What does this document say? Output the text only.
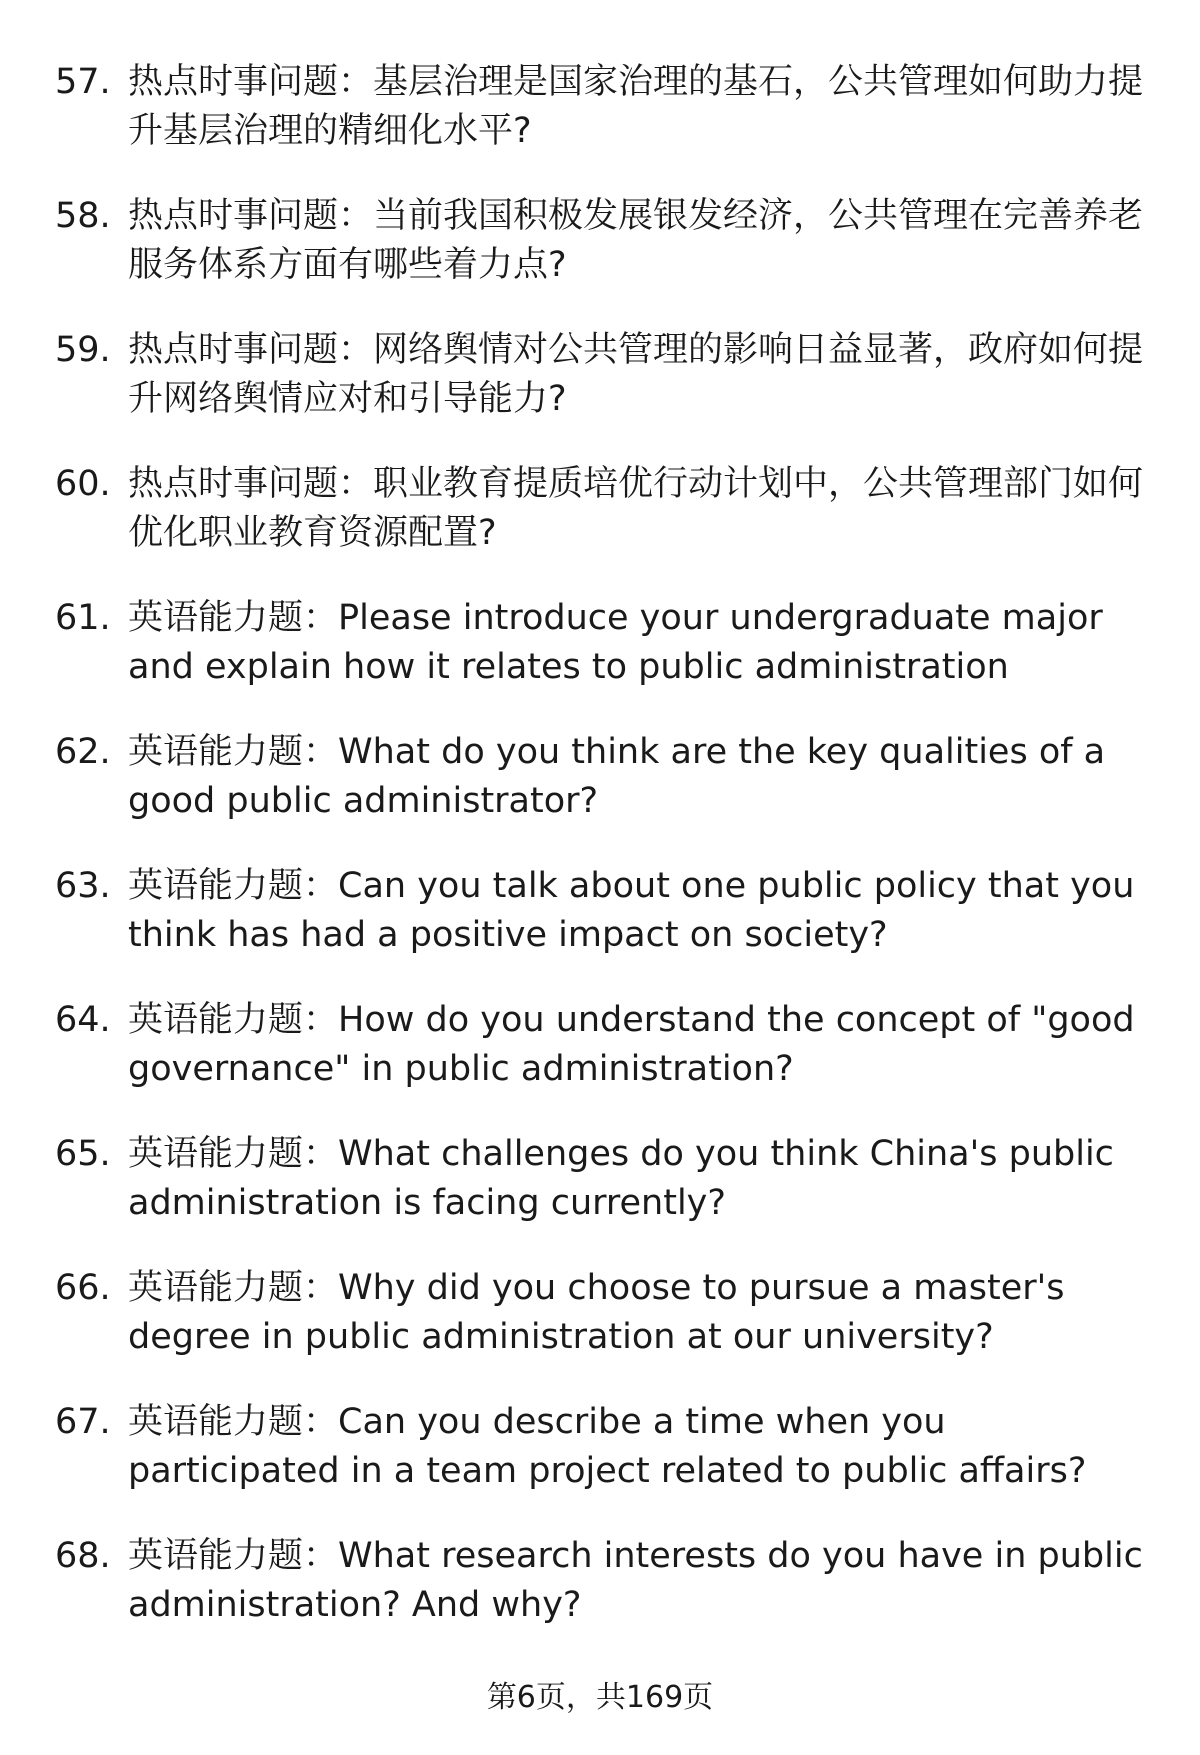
57. 热点时事问题：基层治理是国家治理的基石，公共管理如何助力提升基层治理的精细化水平?
58. 热点时事问题：当前我国积极发展银发经济，公共管理在完善养老服务体系方面有哪些着力点?
59. 热点时事问题：网络舆情对公共管理的影响日益显著，政府如何提升网络舆情应对和引导能力?
60. 热点时事问题：职业教育提质培优行动计划中，公共管理部门如何优化职业教育资源配置?
61. 英语能力题：Please introduce your undergraduate major and explain how it relates to public administration
62. 英语能力题：What do you think are the key qualities of a good public administrator?
63. 英语能力题：Can you talk about one public policy that you think has had a positive impact on society?
64. 英语能力题：How do you understand the concept of "good governance" in public administration?
65. 英语能力题：What challenges do you think China's public administration is facing currently?
66. 英语能力题：Why did you choose to pursue a master's degree in public administration at our university?
67. 英语能力题：Can you describe a time when you participated in a team project related to public affairs?
68. 英语能力题：What research interests do you have in public administration? And why?
第6页，共169页
